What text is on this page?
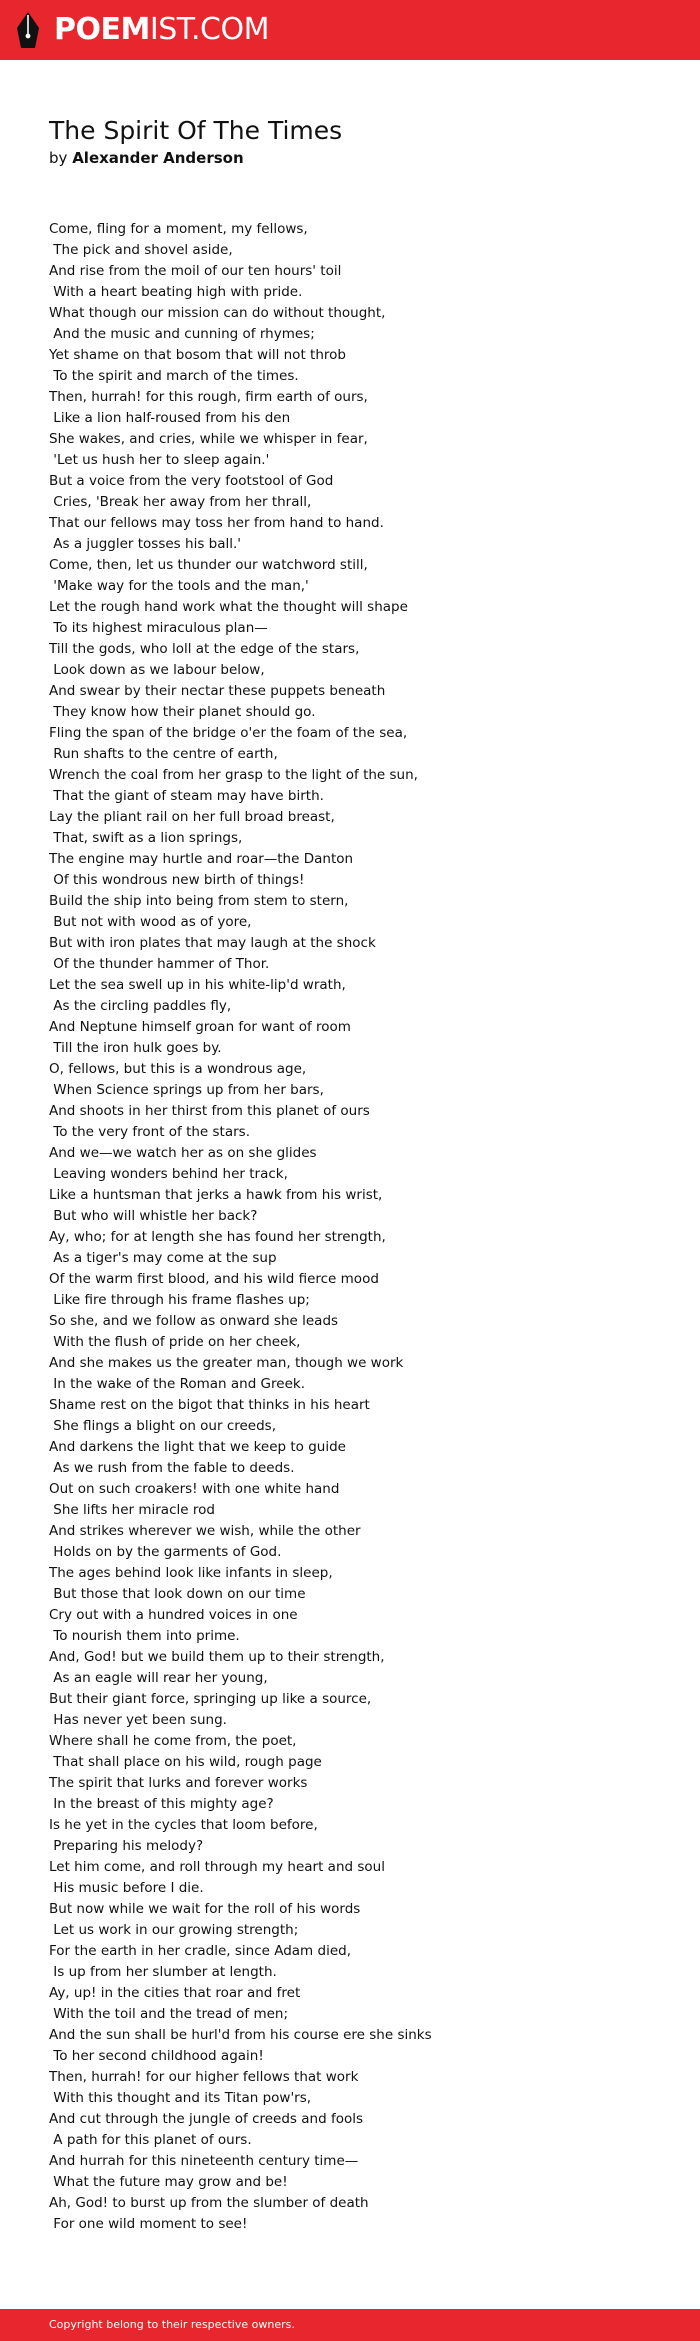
POEMIST.COM
The Spirit Of The Times

by Alexander Anderson

Come, fling for a moment, my fellows,
The pick and shovel aside,
And rise from the moil of our ten hours' toil
With a heart beating high with pride.
What though our mission can do without thought,
And the music and cunning of rhymes;
Yet shame on that bosom that will not throb
To the spirit and march of the times.
Then, hurrah! for this rough, firm earth of ours,
Like a lion half-roused from his den
She wakes, and cries, while we whisper in fear,
'Let us hush her to sleep again.'
But a voice from the very footstool of God
Cries, 'Break her away from her thrall,
That our fellows may toss her from hand to hand.
As a juggler tosses his ball.'
Come, then, let us thunder our watchword still,
'Make way for the tools and the man,'
Let the rough hand work what the thought will shape
To its highest miraculous plan—
Till the gods, who loll at the edge of the stars,
Look down as we labour below,
And swear by their nectar these puppets beneath
They know how their planet should go.
Fling the span of the bridge o'er the foam of the sea,
Run shafts to the centre of earth,
Wrench the coal from her grasp to the light of the sun,
That the giant of steam may have birth.
Lay the pliant rail on her full broad breast,
That, swift as a lion springs,
The engine may hurtle and roar—the Danton
Of this wondrous new birth of things!
Build the ship into being from stem to stern,
But not with wood as of yore,
But with iron plates that may laugh at the shock
Of the thunder hammer of Thor.
Let the sea swell up in his white-lip'd wrath,
As the circling paddles fly,
And Neptune himself groan for want of room
Till the iron hulk goes by.
O, fellows, but this is a wondrous age,
When Science springs up from her bars,
And shoots in her thirst from this planet of ours
To the very front of the stars.
And we—we watch her as on she glides
Leaving wonders behind her track,
Like a huntsman that jerks a hawk from his wrist,
But who will whistle her back?
Ay, who; for at length she has found her strength,
As a tiger's may come at the sup
Of the warm first blood, and his wild fierce mood
Like fire through his frame flashes up;
So she, and we follow as onward she leads
With the flush of pride on her cheek,
And she makes us the greater man, though we work
In the wake of the Roman and Greek.
Shame rest on the bigot that thinks in his heart
She flings a blight on our creeds,
And darkens the light that we keep to guide
As we rush from the fable to deeds.
Out on such croakers! with one white hand
She lifts her miracle rod
And strikes wherever we wish, while the other
Holds on by the garments of God.
The ages behind look like infants in sleep,
But those that look down on our time
Cry out with a hundred voices in one
To nourish them into prime.
And, God! but we build them up to their strength,
As an eagle will rear her young,
But their giant force, springing up like a source,
Has never yet been sung.
Where shall he come from, the poet,
That shall place on his wild, rough page
The spirit that lurks and forever works
In the breast of this mighty age?
Is he yet in the cycles that loom before,
Preparing his melody?
Let him come, and roll through my heart and soul
His music before I die.
But now while we wait for the roll of his words
Let us work in our growing strength;
For the earth in her cradle, since Adam died,
Is up from her slumber at length.
Ay, up! in the cities that roar and fret
With the toil and the tread of men;
And the sun shall be hurl'd from his course ere she sinks
To her second childhood again!
Then, hurrah! for our higher fellows that work
With this thought and its Titan pow'rs,
And cut through the jungle of creeds and fools
A path for this planet of ours.
And hurrah for this nineteenth century time—
What the future may grow and be!
Ah, God! to burst up from the slumber of death
For one wild moment to see!
Copyright belong to their respective owners.
